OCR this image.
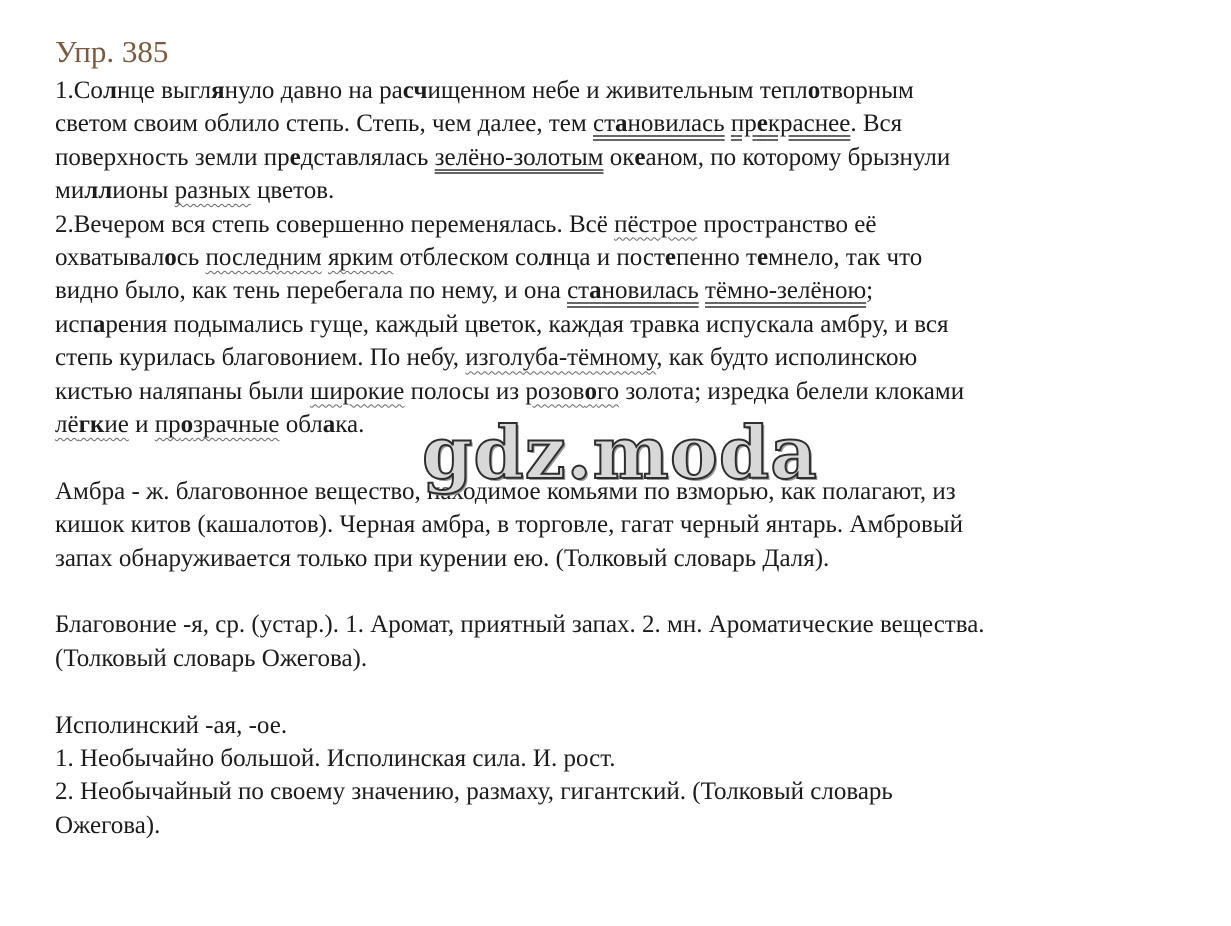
Упр. 385
1.Солнце выглянуло давно на расчищенном небе и живительным теплотворным
светом своим облило степь. Степь, чем далее, тем становилась прекраснее. Вся
поверхность земли представлялась зелёно-золотым океаном, по которому брызнули
миллионы разных цветов.
2.Вечером вся степь совершенно переменялась. Всё пёстрое пространство её
охватывалось последним ярким отблеском солнца и постепенно темнело, так что
видно было, как тень перебегала по нему, и она становилась тёмно-зелёною;
испарения подымались гуще, каждый цветок, каждая травка испускала амбру, и вся
степь курилась благовонием. По небу, изголуба-тёмному, как будто исполинскою
кистью наляпаны были широкие полосы из розового золота; изредка белели клоками
лёгкие и прозрачные облака.
Амбра - ж. благовонное вещество, находимое комьями по взморью, как полагают, из
кишок китов (кашалотов). Черная амбра, в торговле, гагат черный янтарь. Амбровый
запах обнаруживается только при курении ею. (Толковый словарь Даля).
Благовоние -я, ср. (устар.). 1. Аромат, приятный запах. 2. мн. Ароматические вещества.
(Толковый словарь Ожегова).
Исполинский -ая, -ое.
1. Необычайно большой. Исполинская сила. И. рост.
2. Необычайный по своему значению, размаху, гигантский. (Толковый словарь
Ожегова).
gdz.moda
